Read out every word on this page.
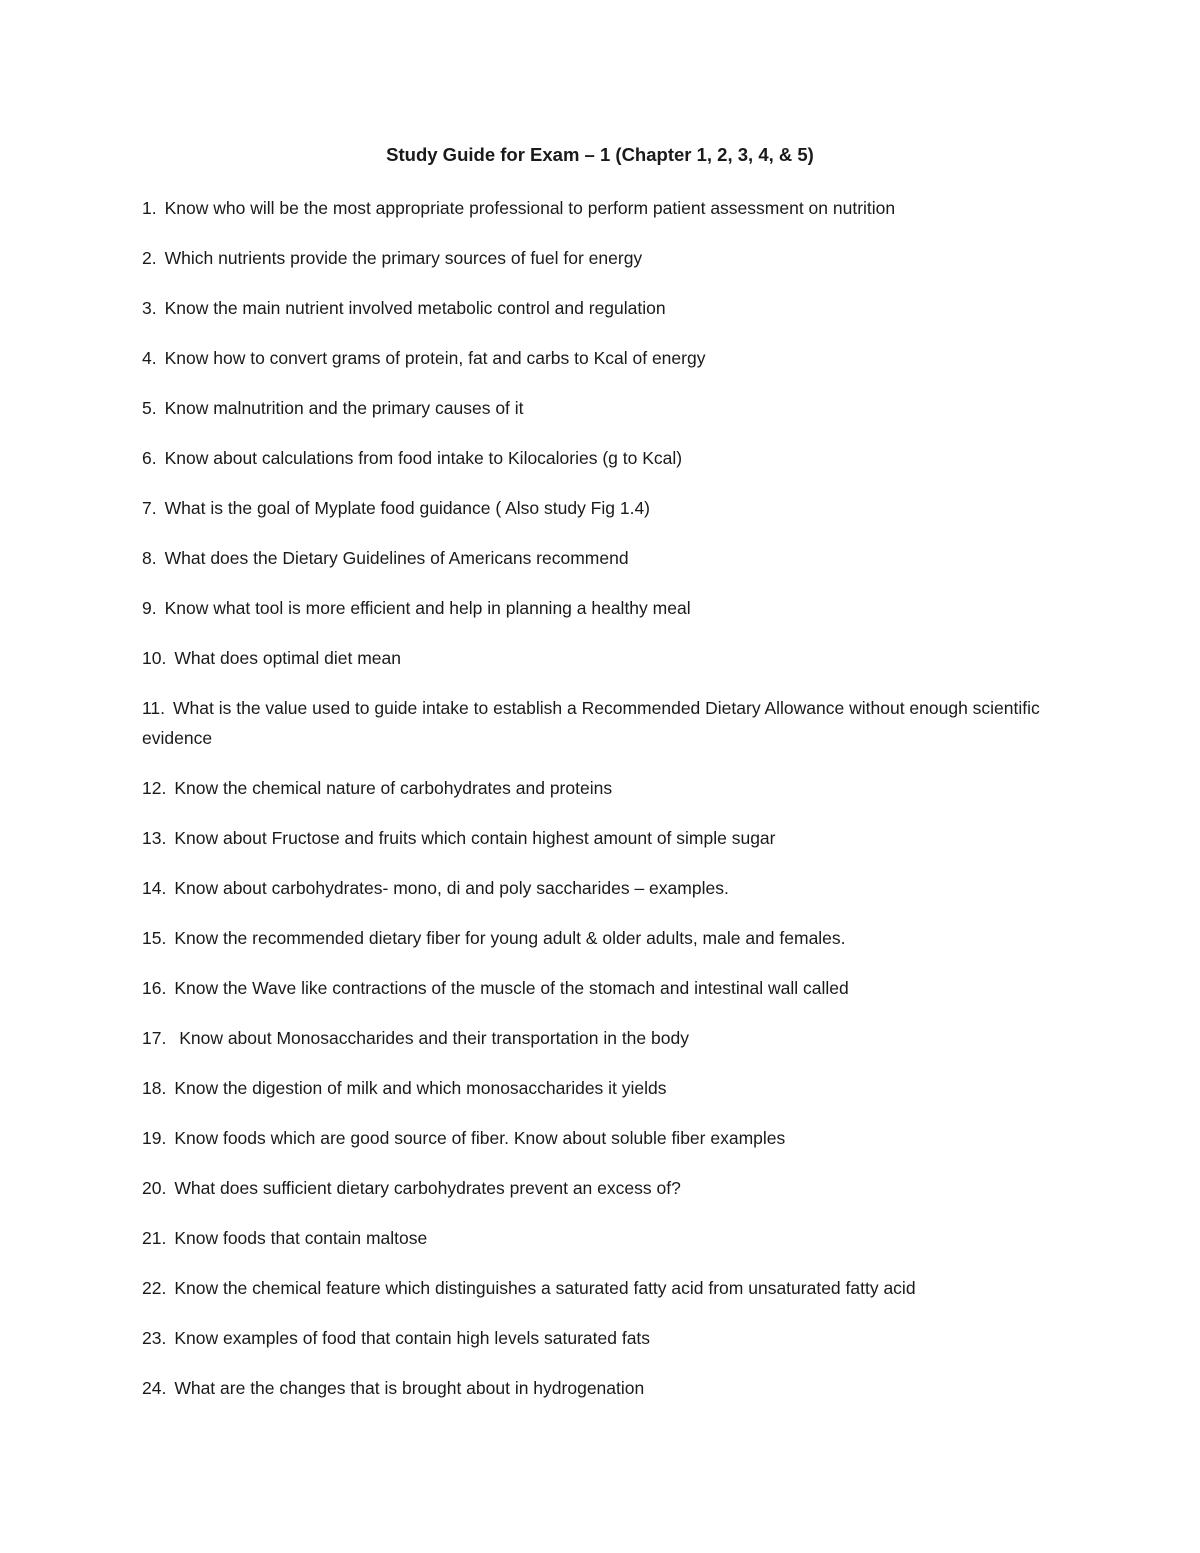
Study Guide for Exam – 1 (Chapter 1, 2, 3, 4, & 5)
1. Know who will be the most appropriate professional to perform patient assessment on nutrition
2. Which nutrients provide the primary sources of fuel for energy
3. Know the main nutrient involved metabolic control and regulation
4. Know how to convert grams of protein, fat and carbs to Kcal of energy
5. Know malnutrition and the primary causes of it
6. Know about calculations from food intake to Kilocalories (g to Kcal)
7. What is the goal of Myplate food guidance ( Also study Fig 1.4)
8. What does the Dietary Guidelines of Americans recommend
9. Know what tool is more efficient and help in planning a healthy meal
10. What does optimal diet mean
11. What is the value used to guide intake to establish a Recommended Dietary Allowance without enough scientific evidence
12. Know the chemical nature of carbohydrates and proteins
13. Know about Fructose and fruits which contain highest amount of simple sugar
14. Know about carbohydrates- mono, di and poly saccharides – examples.
15. Know the recommended dietary fiber for young adult & older adults, male and females.
16. Know the Wave like contractions of the muscle of the stomach and intestinal wall called
17. Know about Monosaccharides and their transportation in the body
18. Know the digestion of milk and which monosaccharides it yields
19. Know foods which are good source of fiber. Know about soluble fiber examples
20. What does sufficient dietary carbohydrates prevent an excess of?
21. Know foods that contain maltose
22. Know the chemical feature which distinguishes a saturated fatty acid from unsaturated fatty acid
23. Know examples of food that contain high levels saturated fats
24. What are the changes that is brought about in hydrogenation
